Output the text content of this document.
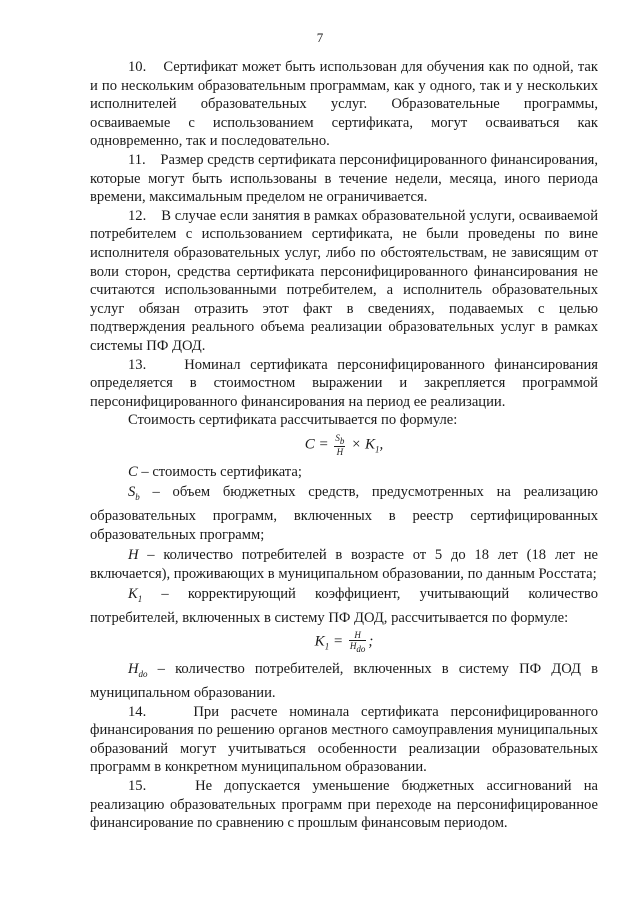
7

10.    Сертификат может быть использован для обучения как по одной, так и по нескольким образовательным программам, как у одного, так и у нескольких исполнителей образовательных услуг. Образовательные программы, осваиваемые с использованием сертификата, могут осваиваться как одновременно, так и последовательно.

11.    Размер средств сертификата персонифицированного финансирования, которые могут быть использованы в течение недели, месяца, иного периода времени, максимальным пределом не ограничивается.

12.    В случае если занятия в рамках образовательной услуги, осваиваемой потребителем с использованием сертификата, не были проведены по вине исполнителя образовательных услуг, либо по обстоятельствам, не зависящим от воли сторон, средства сертификата персонифицированного финансирования не считаются использованными потребителем, а исполнитель образовательных услуг обязан отразить этот факт в сведениях, подаваемых с целью подтверждения реального объема реализации образовательных услуг в рамках системы ПФ ДОД.

13.    Номинал сертификата персонифицированного финансирования определяется в стоимостном выражении и закрепляется программой персонифицированного финансирования на период ее реализации.

Стоимость сертификата рассчитывается по формуле:

$C = \frac{S_b}{H} \times K_1$,

C – стоимость сертификата;

$S_b$ – объем бюджетных средств, предусмотренных на реализацию образовательных программ, включенных в реестр сертифицированных образовательных программ;

H – количество потребителей в возрасте от 5 до 18 лет (18 лет не включается), проживающих в муниципальном образовании, по данным Росстата;

$K_1$ – корректирующий коэффициент, учитывающий количество потребителей, включенных в систему ПФ ДОД, рассчитывается по формуле:

$K_1 = \frac{H}{H_{do}}$ ;

$H_{do}$ – количество потребителей, включенных в систему ПФ ДОД в муниципальном образовании.

14.    При расчете номинала сертификата персонифицированного финансирования по решению органов местного самоуправления муниципальных образований могут учитываться особенности реализации образовательных программ в конкретном муниципальном образовании.

15.    Не допускается уменьшение бюджетных ассигнований на реализацию образовательных программ при переходе на персонифицированное финансирование по сравнению с прошлым финансовым периодом.
